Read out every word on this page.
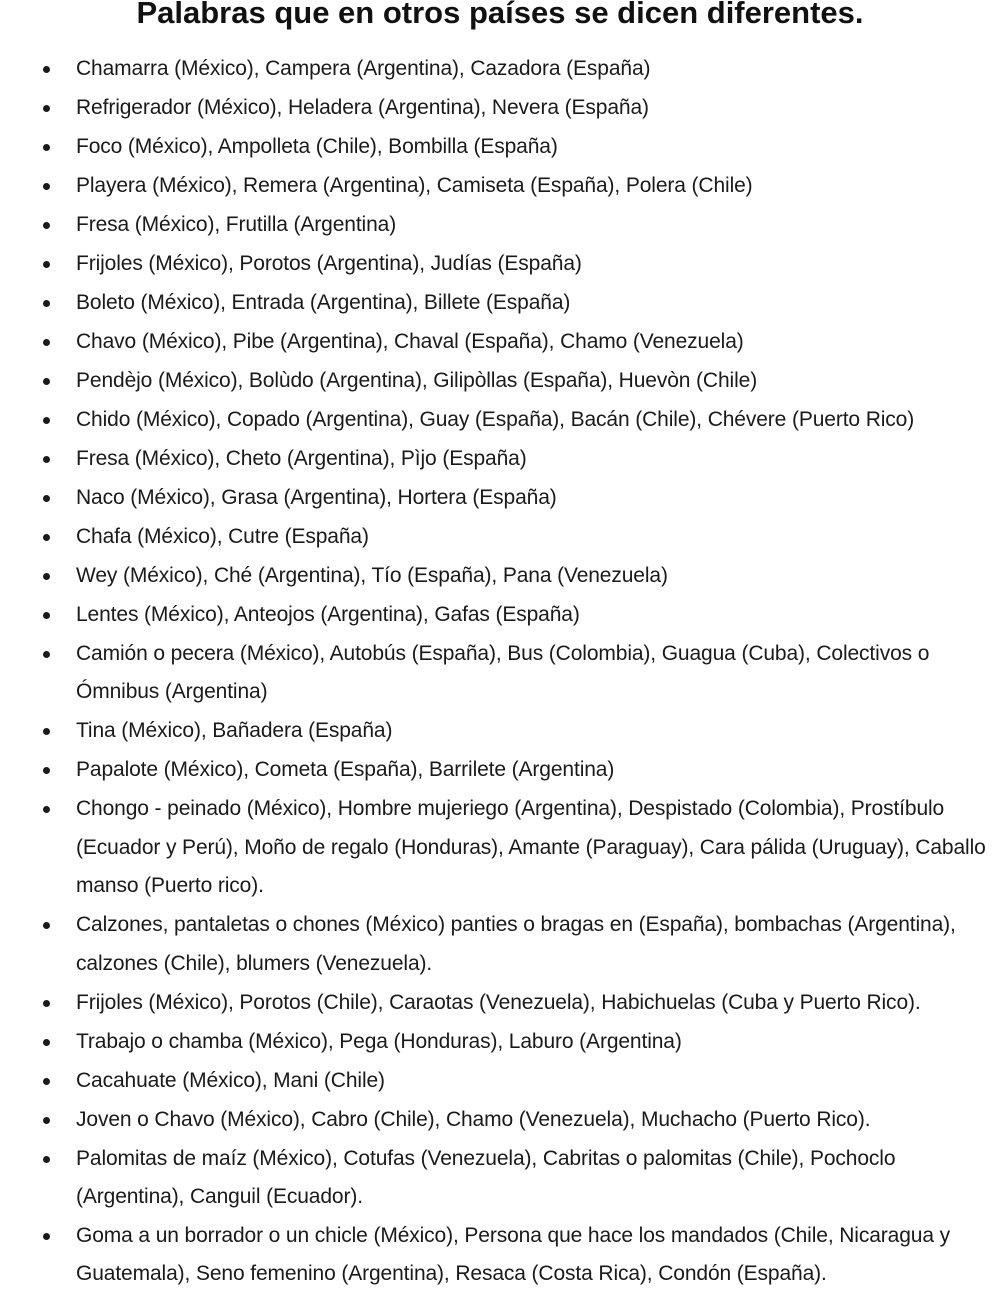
Palabras que en otros países se dicen diferentes.
Chamarra (México), Campera (Argentina), Cazadora (España)
Refrigerador (México), Heladera (Argentina), Nevera (España)
Foco (México), Ampolleta (Chile), Bombilla (España)
Playera (México), Remera (Argentina), Camiseta (España), Polera (Chile)
Fresa (México), Frutilla (Argentina)
Frijoles (México), Porotos (Argentina), Judías (España)
Boleto (México), Entrada (Argentina), Billete (España)
Chavo (México), Pibe (Argentina), Chaval (España), Chamo (Venezuela)
Pendèjo (México), Bolùdo (Argentina), Gilipòllas (España), Huevòn (Chile)
Chido (México), Copado (Argentina), Guay (España), Bacán (Chile), Chévere (Puerto Rico)
Fresa (México), Cheto (Argentina), Pìjo (España)
Naco (México), Grasa (Argentina), Hortera (España)
Chafa (México), Cutre (España)
Wey (México), Ché (Argentina), Tío (España), Pana (Venezuela)
Lentes (México), Anteojos (Argentina), Gafas (España)
Camión o pecera (México), Autobús (España), Bus (Colombia), Guagua (Cuba), Colectivos o Ómnibus (Argentina)
Tina (México), Bañadera (España)
Papalote (México), Cometa (España), Barrilete (Argentina)
Chongo - peinado (México), Hombre mujeriego (Argentina), Despistado (Colombia), Prostíbulo (Ecuador y Perú), Moño de regalo (Honduras), Amante (Paraguay), Cara pálida (Uruguay), Caballo manso (Puerto rico).
Calzones, pantaletas o chones (México) panties o bragas en (España), bombachas (Argentina), calzones (Chile), blumers (Venezuela).
Frijoles (México), Porotos (Chile), Caraotas (Venezuela), Habichuelas (Cuba y Puerto Rico).
Trabajo o chamba (México), Pega (Honduras), Laburo (Argentina)
Cacahuate (México), Mani (Chile)
Joven o Chavo (México), Cabro (Chile), Chamo (Venezuela), Muchacho (Puerto Rico).
Palomitas de maíz (México), Cotufas (Venezuela), Cabritas o palomitas (Chile), Pochoclo (Argentina), Canguil (Ecuador).
Goma a un borrador o un chicle (México), Persona que hace los mandados (Chile, Nicaragua y Guatemala), Seno femenino (Argentina), Resaca (Costa Rica), Condón (España).
